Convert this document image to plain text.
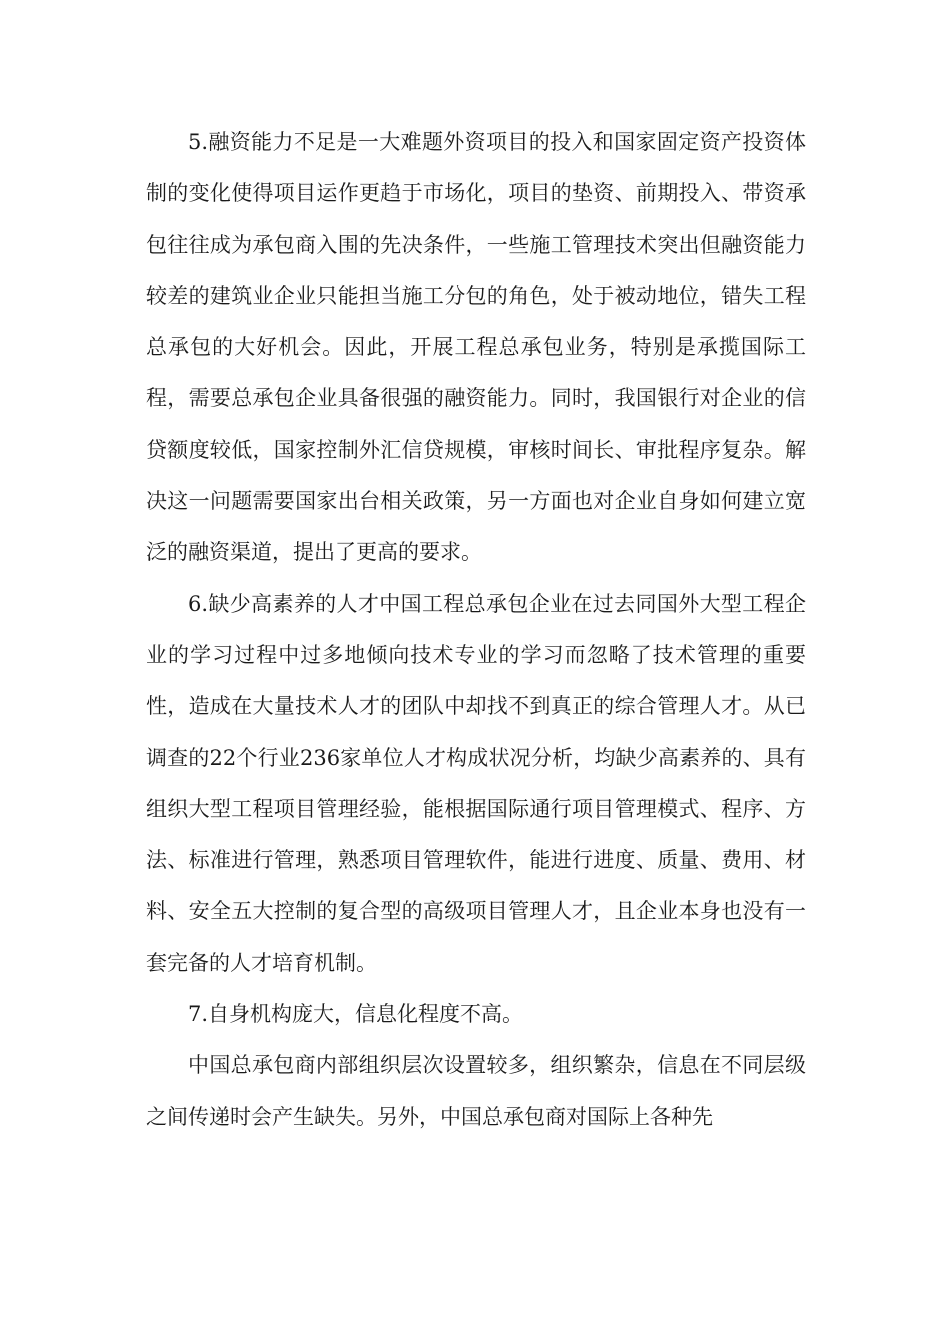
5.融资能力不足是一大难题外资项目的投入和国家固定资产投资体制的变化使得项目运作更趋于市场化，项目的垫资、前期投入、带资承包往往成为承包商入围的先决条件，一些施工管理技术突出但融资能力较差的建筑业企业只能担当施工分包的角色，处于被动地位，错失工程总承包的大好机会。因此，开展工程总承包业务，特别是承揽国际工程，需要总承包企业具备很强的融资能力。同时，我国银行对企业的信贷额度较低，国家控制外汇信贷规模，审核时间长、审批程序复杂。解决这一问题需要国家出台相关政策，另一方面也对企业自身如何建立宽泛的融资渠道，提出了更高的要求。

6.缺少高素养的人才中国工程总承包企业在过去同国外大型工程企业的学习过程中过多地倾向技术专业的学习而忽略了技术管理的重要性，造成在大量技术人才的团队中却找不到真正的综合管理人才。从已调查的22个行业236家单位人才构成状况分析，均缺少高素养的、具有组织大型工程项目管理经验，能根据国际通行项目管理模式、程序、方法、标准进行管理，熟悉项目管理软件，能进行进度、质量、费用、材料、安全五大控制的复合型的高级项目管理人才，且企业本身也没有一套完备的人才培育机制。

7.自身机构庞大，信息化程度不高。

中国总承包商内部组织层次设置较多，组织繁杂，信息在不同层级之间传递时会产生缺失。另外，中国总承包商对国际上各种先
